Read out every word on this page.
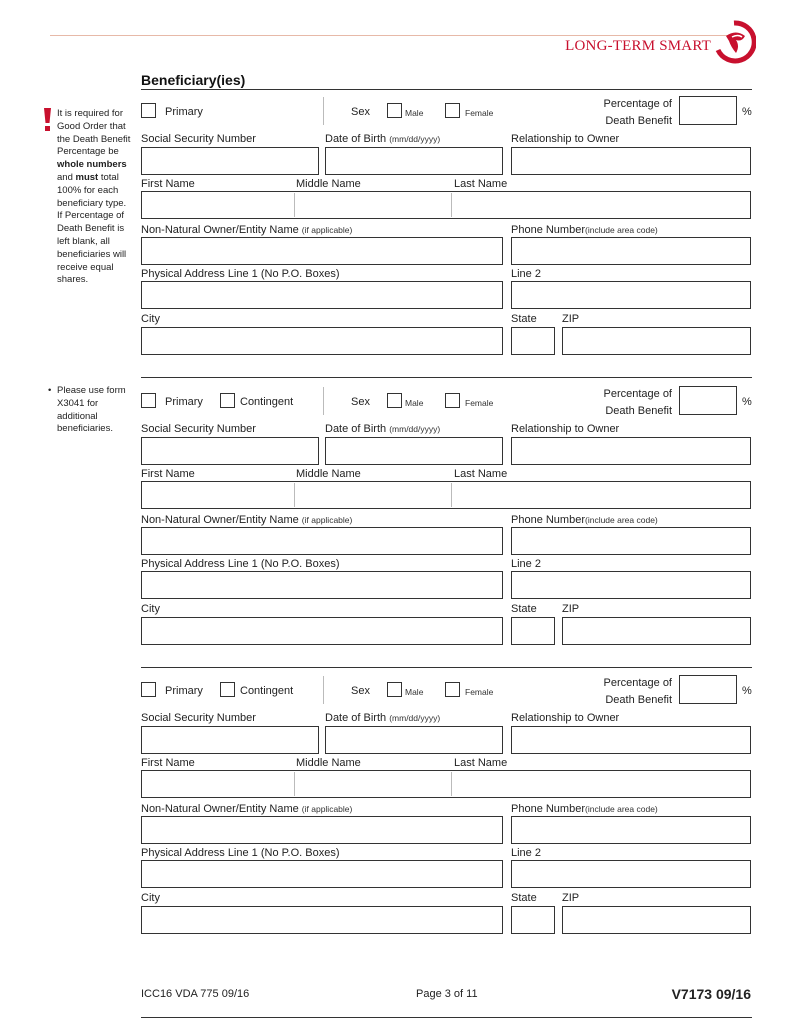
LONG-TERM SMART
Beneficiary(ies)
It is required for Good Order that the Death Benefit Percentage be whole numbers and must total 100% for each beneficiary type.
If Percentage of Death Benefit is left blank, all beneficiaries will receive equal shares.
• Please use form X3041 for additional beneficiaries.
Primary	Sex	Male	Female
Percentage of
Death Benefit
%
Social Security Number	Date of Birth (mm/dd/yyyy)	Relationship to Owner
First Name	Middle Name	Last Name
Non-Natural Owner/Entity Name (if applicable)	Phone Number(include area code)
Physical Address Line 1 (No P.O. Boxes)	Line 2
City	State ZIP
Primary	Contingent	Sex	Male	Female
Percentage of
Death Benefit
%
Social Security Number	Date of Birth (mm/dd/yyyy)	Relationship to Owner
First Name	Middle Name	Last Name
Non-Natural Owner/Entity Name (if applicable)	Phone Number(include area code)
Physical Address Line 1 (No P.O. Boxes)	Line 2
City	State ZIP
Primary	Contingent	Sex	Male	Female
Percentage of
Death Benefit
%
Social Security Number	Date of Birth (mm/dd/yyyy)	Relationship to Owner
First Name	Middle Name	Last Name
Non-Natural Owner/Entity Name (if applicable)	Phone Number(include area code)
Physical Address Line 1 (No P.O. Boxes)	Line 2
City	State ZIP
ICC16 VDA 775 09/16	Page 3 of 11	V7173 09/16
